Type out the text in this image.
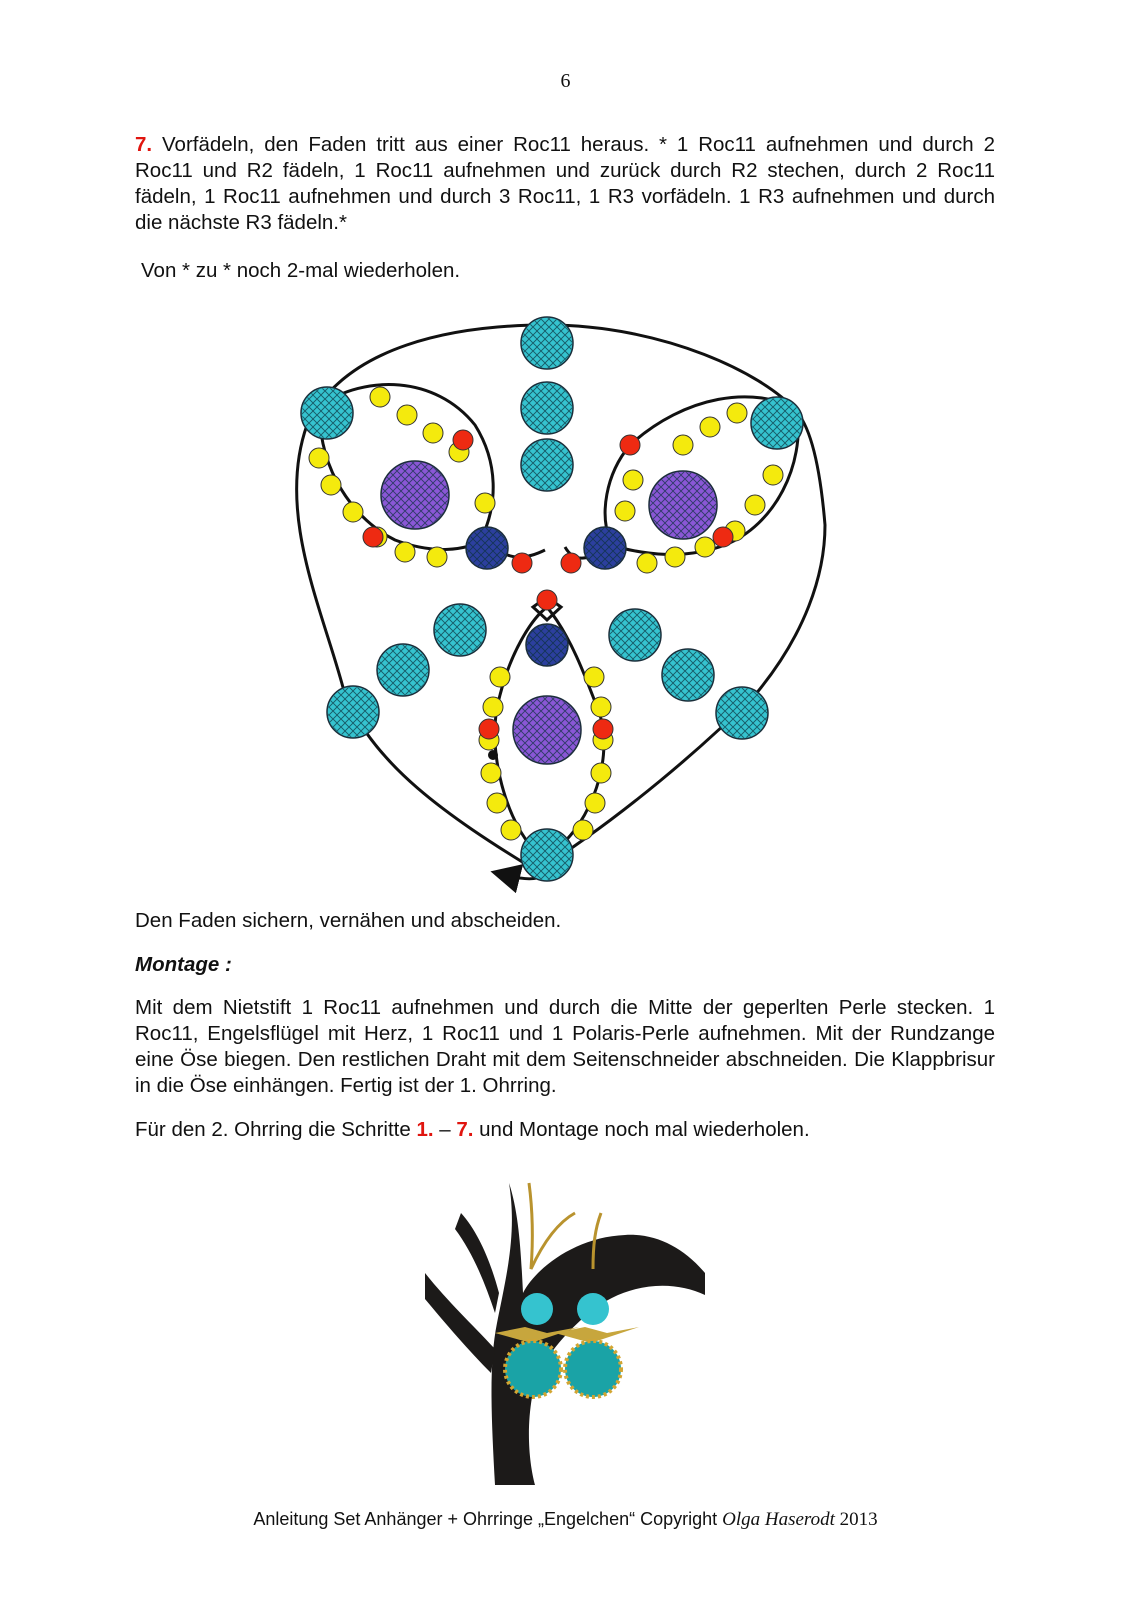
6

7. Vorfädeln, den Faden tritt aus einer Roc11 heraus. * 1 Roc11 aufnehmen und durch 2 Roc11 und R2 fädeln, 1 Roc11 aufnehmen und zurück durch R2 stechen, durch 2 Roc11 fädeln, 1 Roc11 aufnehmen und durch 3 Roc11, 1 R3 vorfädeln. 1 R3 aufnehmen und durch die nächste R3 fädeln.*

Von * zu * noch 2-mal wiederholen.

Den Faden sichern, vernähen und abscheiden.

Montage :

Mit dem Nietstift 1 Roc11 aufnehmen und durch die Mitte der geperlten Perle stecken. 1 Roc11, Engelsflügel mit Herz, 1 Roc11 und 1 Polaris-Perle aufnehmen. Mit der Rundzange eine Öse biegen. Den restlichen Draht mit dem Seitenschneider abschneiden. Die Klappbrisur in die Öse einhängen. Fertig ist der 1. Ohrring.

Für den 2. Ohrring die Schritte 1. – 7. und Montage noch mal wiederholen.

Anleitung Set Anhänger + Ohrringe „Engelchen“ Copyright Olga Haserodt 2013
